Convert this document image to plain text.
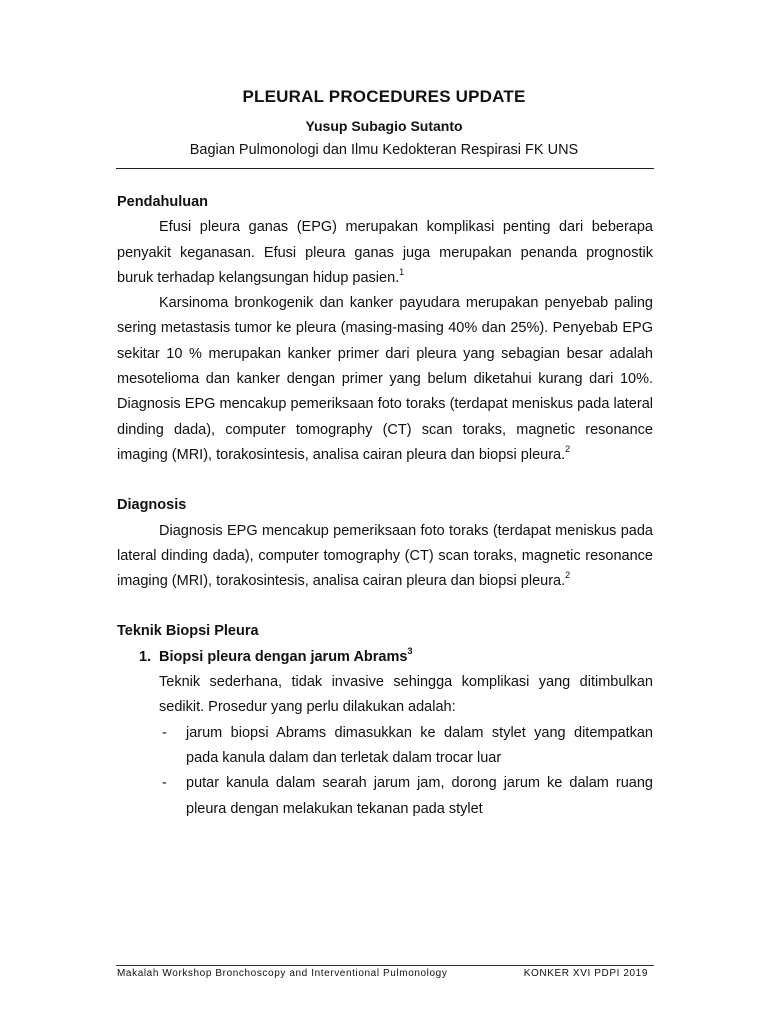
PLEURAL PROCEDURES UPDATE
Yusup Subagio Sutanto
Bagian Pulmonologi dan Ilmu Kedokteran Respirasi FK UNS

Pendahuluan

Efusi pleura ganas (EPG) merupakan komplikasi penting dari beberapa penyakit keganasan. Efusi pleura ganas juga merupakan penanda prognostik buruk terhadap kelangsungan hidup pasien.$^1$

Karsinoma bronkogenik dan kanker payudara merupakan penyebab paling sering metastasis tumor ke pleura (masing-masing 40% dan 25%). Penyebab EPG sekitar 10 % merupakan kanker primer dari pleura yang sebagian besar adalah mesotelioma dan kanker dengan primer yang belum diketahui kurang dari 10%. Diagnosis EPG mencakup pemeriksaan foto toraks (terdapat meniskus pada lateral dinding dada), computer tomography (CT) scan toraks, magnetic resonance imaging (MRI), torakosintesis, analisa cairan pleura dan biopsi pleura.$^2$

Diagnosis

Diagnosis EPG mencakup pemeriksaan foto toraks (terdapat meniskus pada lateral dinding dada), computer tomography (CT) scan toraks, magnetic resonance imaging (MRI), torakosintesis, analisa cairan pleura dan biopsi pleura.$^2$

Teknik Biopsi Pleura

1. Biopsi pleura dengan jarum Abrams$^3$

Teknik sederhana, tidak invasive sehingga komplikasi yang ditimbulkan sedikit. Prosedur yang perlu dilakukan adalah:

- jarum biopsi Abrams dimasukkan ke dalam stylet yang ditempatkan pada kanula dalam dan terletak dalam trocar luar

- putar kanula dalam searah jarum jam, dorong jarum ke dalam ruang pleura dengan melakukan tekanan pada stylet

Makalah Workshop Bronchoscopy and Interventional Pulmonology	KONKER XVI PDPI 2019
